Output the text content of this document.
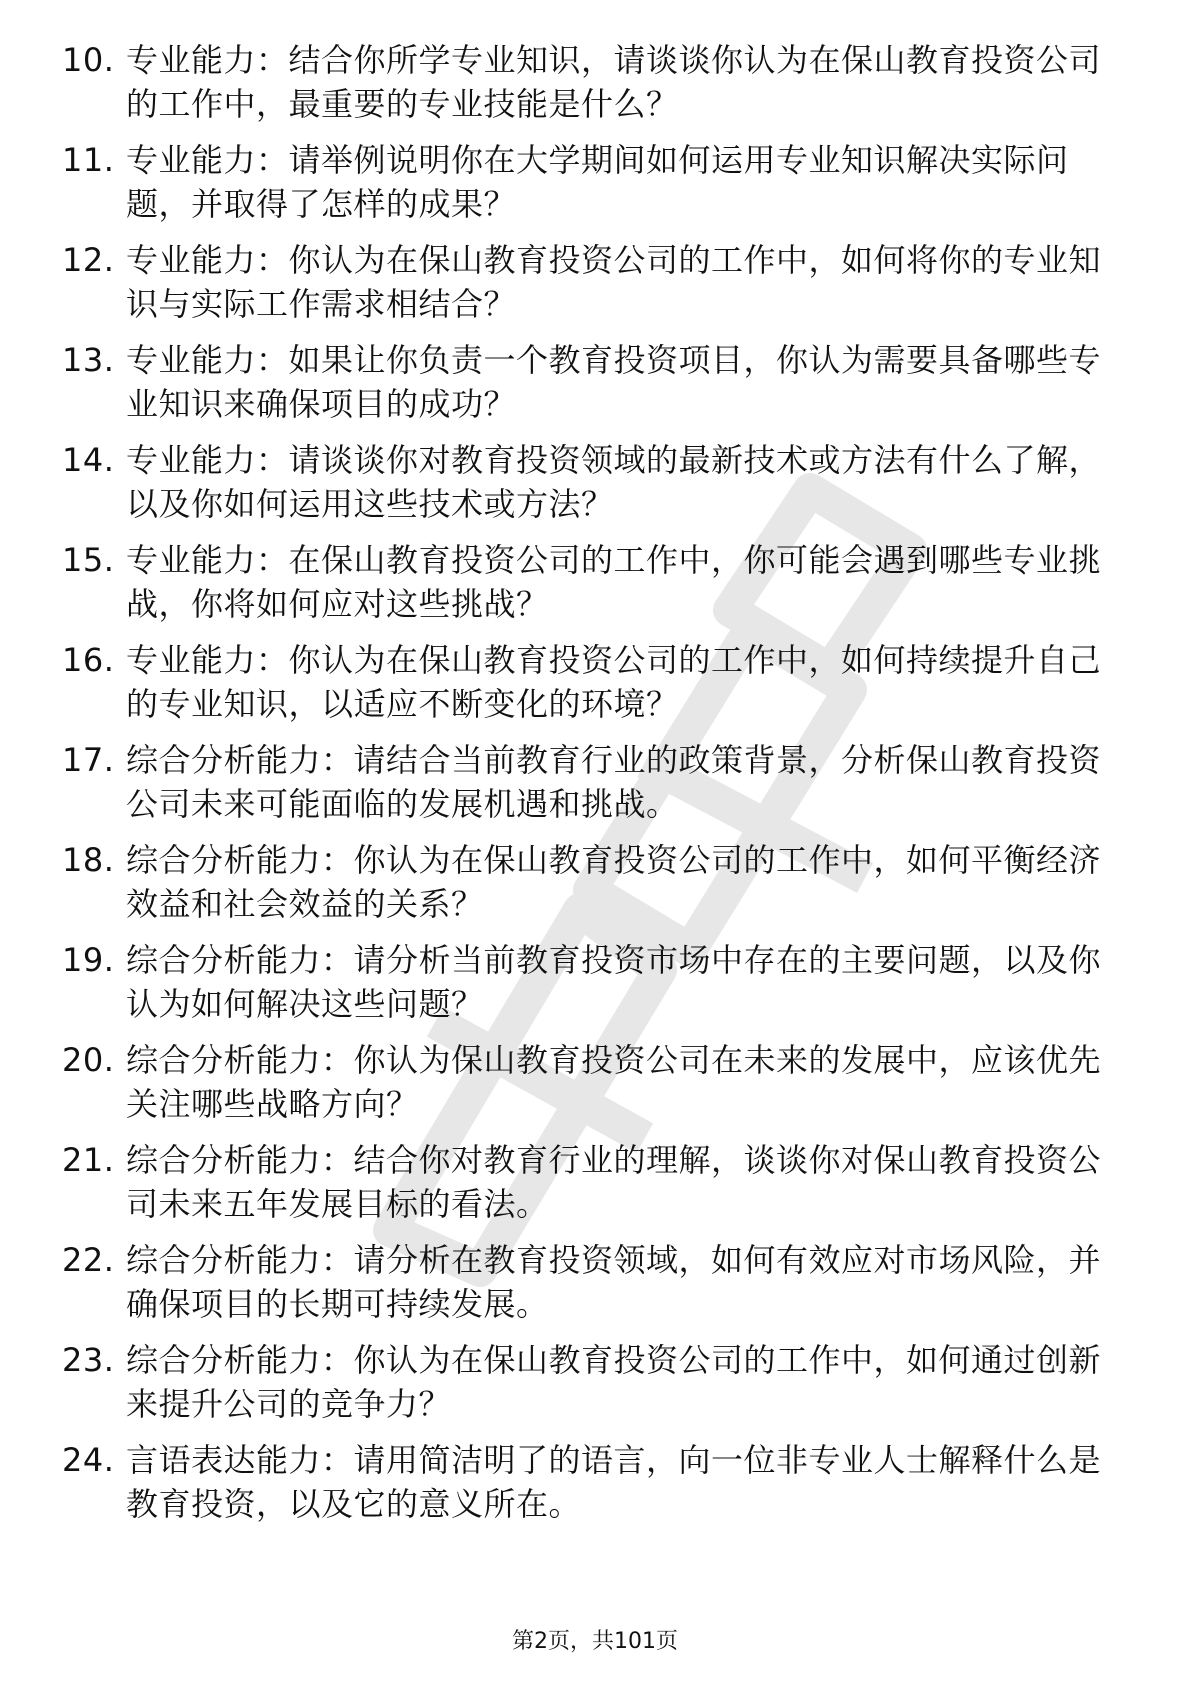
10. 专业能力：结合你所学专业知识，请谈谈你认为在保山教育投资公司的工作中，最重要的专业技能是什么？
11. 专业能力：请举例说明你在大学期间如何运用专业知识解决实际问题，并取得了怎样的成果？
12. 专业能力：你认为在保山教育投资公司的工作中，如何将你的专业知识与实际工作需求相结合？
13. 专业能力：如果让你负责一个教育投资项目，你认为需要具备哪些专业知识来确保项目的成功？
14. 专业能力：请谈谈你对教育投资领域的最新技术或方法有什么了解，以及你如何运用这些技术或方法？
15. 专业能力：在保山教育投资公司的工作中，你可能会遇到哪些专业挑战，你将如何应对这些挑战？
16. 专业能力：你认为在保山教育投资公司的工作中，如何持续提升自己的专业知识，以适应不断变化的环境？
17. 综合分析能力：请结合当前教育行业的政策背景，分析保山教育投资公司未来可能面临的发展机遇和挑战。
18. 综合分析能力：你认为在保山教育投资公司的工作中，如何平衡经济效益和社会效益的关系？
19. 综合分析能力：请分析当前教育投资市场中存在的主要问题，以及你认为如何解决这些问题？
20. 综合分析能力：你认为保山教育投资公司在未来的发展中，应该优先关注哪些战略方向？
21. 综合分析能力：结合你对教育行业的理解，谈谈你对保山教育投资公司未来五年发展目标的看法。
22. 综合分析能力：请分析在教育投资领域，如何有效应对市场风险，并确保项目的长期可持续发展。
23. 综合分析能力：你认为在保山教育投资公司的工作中，如何通过创新来提升公司的竞争力？
24. 言语表达能力：请用简洁明了的语言，向一位非专业人士解释什么是教育投资，以及它的意义所在。
第2页，共101页
